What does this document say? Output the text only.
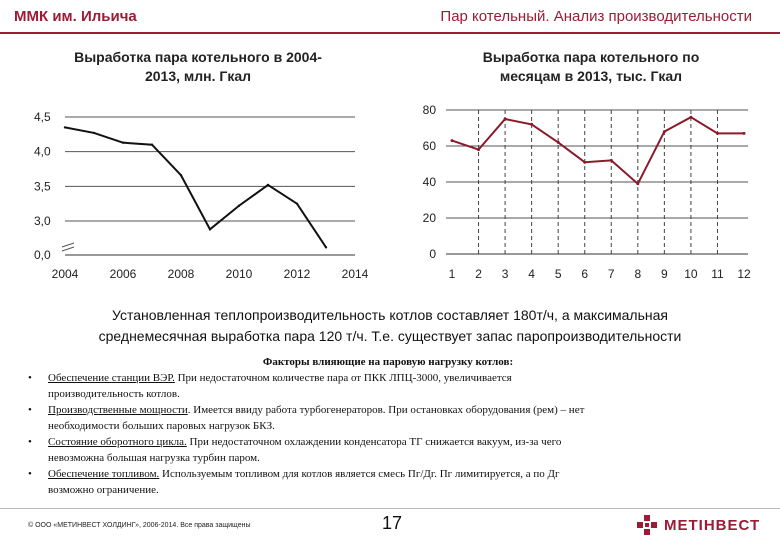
ММК им. Ильича	Пар котельный. Анализ производительности
Выработка пара котельного в 2004-
2013, млн. Гкал
Выработка пара котельного по
месяцам в 2013, тыс. Гкал
0,0
3,0
3,5
4,0
4,5
2004	2006	2008	2010	2012	2014
0
20
40
60
80
1 2 3 4 5 6 7 8 9 10 11 12
Установленная теплопроизводительность котлов составляет 180т/ч, а максимальная
среднемесячная выработка пара 120 т/ч. Т.е. существует запас паропроизводительности
Факторы влияющие на паровую нагрузку котлов:
• Обеспечение станции ВЭР. При недостаточном количестве пара от ПКК ЛПЦ-3000, увеличивается
производительность котлов.
• Производственные мощности. Имеется ввиду работа турбогенераторов. При остановках оборудования (рем) – нет
необходимости больших паровых нагрузок БКЗ.
• Состояние оборотного цикла. При недостаточном охлаждении конденсатора ТГ снижается вакуум, из-за чего
невозможна большая нагрузка турбин паром.
• Обеспечение топливом. Используемым топливом для котлов является смесь Пг/Дг. Пг лимитируется, а по Дг
возможно ограничение.
© ООО «МЕТИНВЕСТ ХОЛДИНГ», 2006-2014. Все права защищены	17	МЕТІНВЕСТ
